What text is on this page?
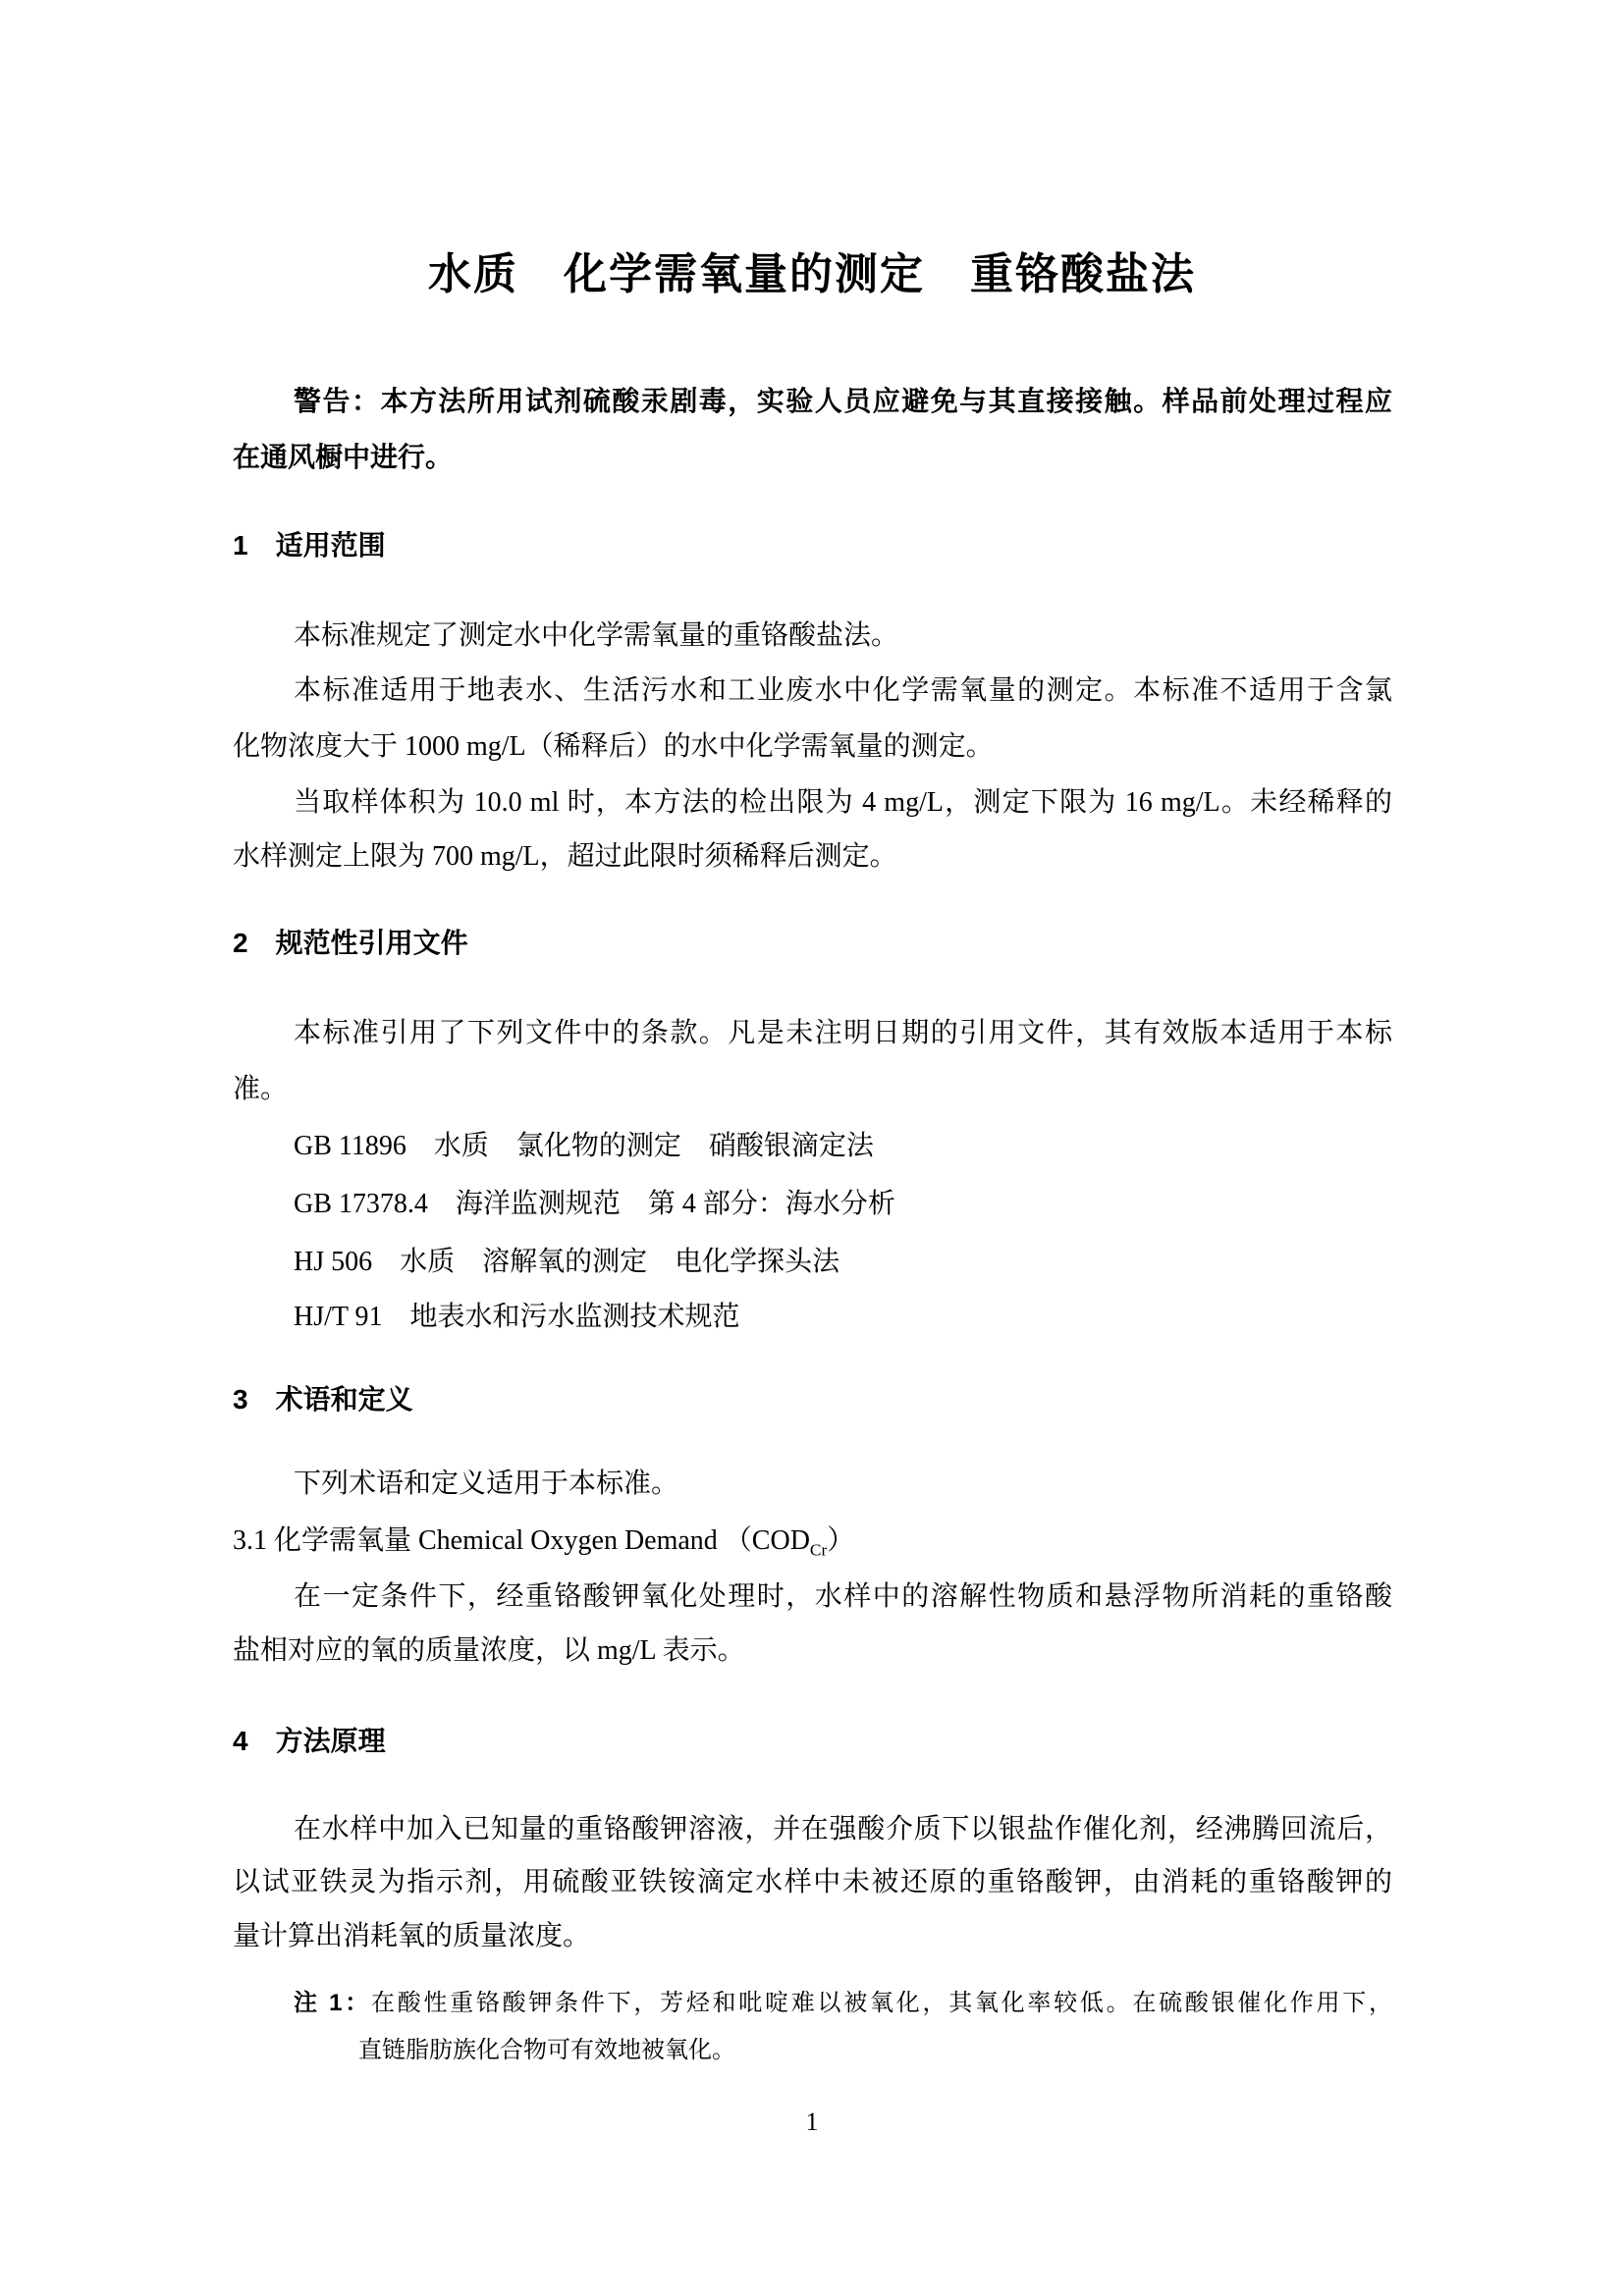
水质　化学需氧量的测定　重铬酸盐法
警告：本方法所用试剂硫酸汞剧毒，实验人员应避免与其直接接触。样品前处理过程应
在通风橱中进行。
1　适用范围
本标准规定了测定水中化学需氧量的重铬酸盐法。
本标准适用于地表水、生活污水和工业废水中化学需氧量的测定。本标准不适用于含氯
化物浓度大于 1000 mg/L（稀释后）的水中化学需氧量的测定。
当取样体积为 10.0 ml 时，本方法的检出限为 4 mg/L，测定下限为 16 mg/L。未经稀释的
水样测定上限为 700 mg/L，超过此限时须稀释后测定。
2　规范性引用文件
本标准引用了下列文件中的条款。凡是未注明日期的引用文件，其有效版本适用于本标
准。
GB 11896　水质　氯化物的测定　硝酸银滴定法
GB 17378.4　海洋监测规范　第 4 部分：海水分析
HJ 506　水质　溶解氧的测定　电化学探头法
HJ/T 91　地表水和污水监测技术规范
3　术语和定义
下列术语和定义适用于本标准。
3.1 化学需氧量 Chemical Oxygen Demand $(COD_{Cr})$
在一定条件下，经重铬酸钾氧化处理时，水样中的溶解性物质和悬浮物所消耗的重铬酸
盐相对应的氧的质量浓度，以 mg/L 表示。
4　方法原理
在水样中加入已知量的重铬酸钾溶液，并在强酸介质下以银盐作催化剂，经沸腾回流后，
以试亚铁灵为指示剂，用硫酸亚铁铵滴定水样中未被还原的重铬酸钾，由消耗的重铬酸钾的
量计算出消耗氧的质量浓度。
注 1：在酸性重铬酸钾条件下，芳烃和吡啶难以被氧化，其氧化率较低。在硫酸银催化作用下，
直链脂肪族化合物可有效地被氧化。
1
